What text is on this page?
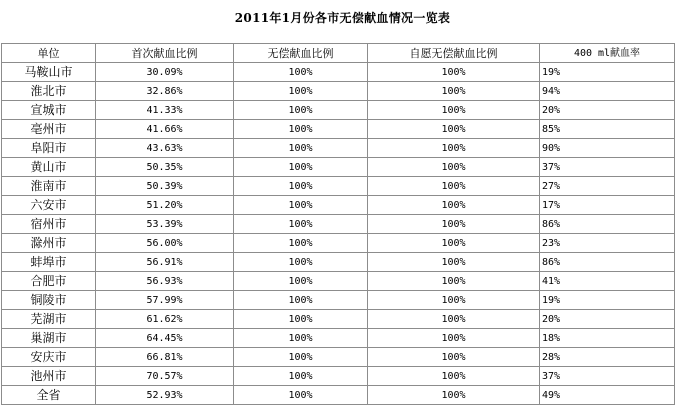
2011年1月份各市无偿献血情况一览表
单位	首次献血比例	无偿献血比例	自愿无偿献血比例	400 ml献血率
马鞍山市	30.09%	100%	100%	19%
淮北市	32.86%	100%	100%	94%
宣城市	41.33%	100%	100%	20%
亳州市	41.66%	100%	100%	85%
阜阳市	43.63%	100%	100%	90%
黄山市	50.35%	100%	100%	37%
淮南市	50.39%	100%	100%	27%
六安市	51.20%	100%	100%	17%
宿州市	53.39%	100%	100%	86%
滁州市	56.00%	100%	100%	23%
蚌埠市	56.91%	100%	100%	86%
合肥市	56.93%	100%	100%	41%
铜陵市	57.99%	100%	100%	19%
芜湖市	61.62%	100%	100%	20%
巢湖市	64.45%	100%	100%	18%
安庆市	66.81%	100%	100%	28%
池州市	70.57%	100%	100%	37%
全省	52.93%	100%	100%	49%
